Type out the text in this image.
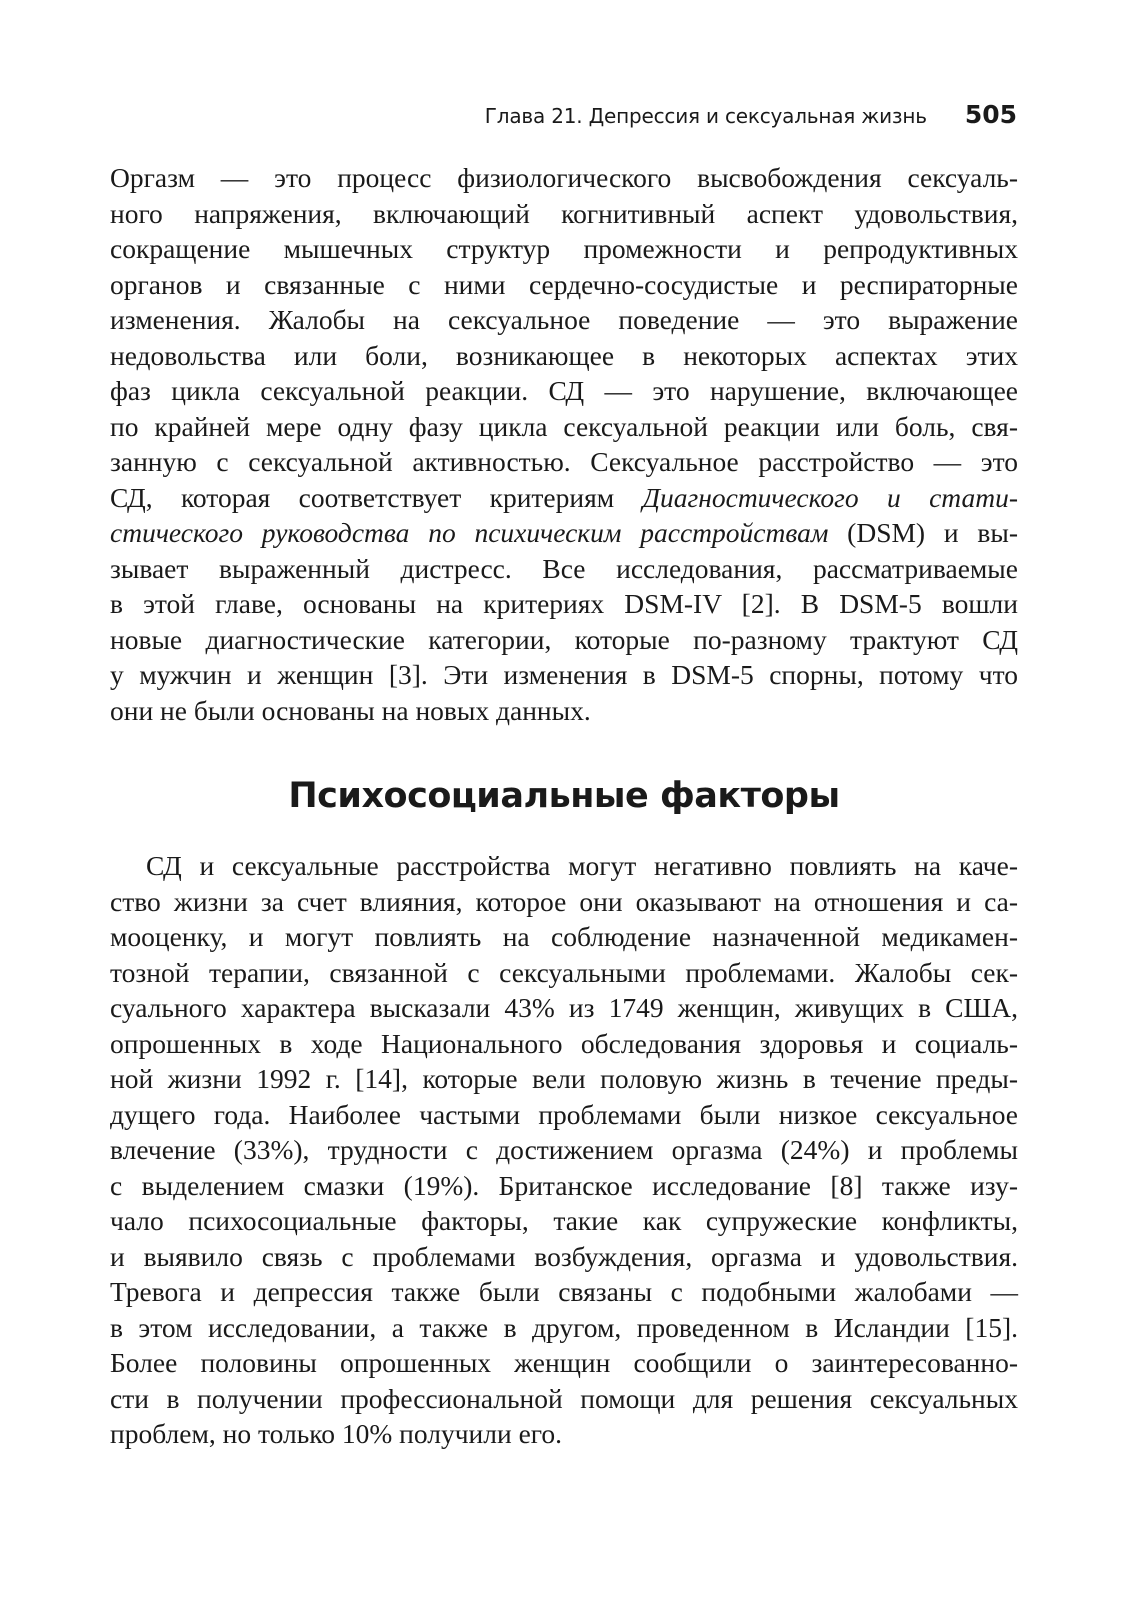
Глава 21. Депрессия и сексуальная жизнь 505
Оргазм — это процесс физиологического высвобождения сексуаль-
ного напряжения, включающий когнитивный аспект удовольствия,
сокращение мышечных структур промежности и репродуктивных
органов и связанные с ними сердечно-сосудистые и респираторные
изменения. Жалобы на сексуальное поведение — это выражение
недовольства или боли, возникающее в некоторых аспектах этих
фаз цикла сексуальной реакции. СД — это нарушение, включающее
по крайней мере одну фазу цикла сексуальной реакции или боль, свя-
занную с сексуальной активностью. Сексуальное расстройство — это
СД, которая соответствует критериям Диагностического и стати-
стического руководства по психическим расстройствам (DSM) и вы-
зывает выраженный дистресс. Все исследования, рассматриваемые
в этой главе, основаны на критериях DSM-IV [2]. В DSM-5 вошли
новые диагностические категории, которые по-разному трактуют СД
у мужчин и женщин [3]. Эти изменения в DSM-5 спорны, потому что
они не были основаны на новых данных.
Психосоциальные факторы
СД и сексуальные расстройства могут негативно повлиять на каче-
ство жизни за счет влияния, которое они оказывают на отношения и са-
мооценку, и могут повлиять на соблюдение назначенной медикамен-
тозной терапии, связанной с сексуальными проблемами. Жалобы сек-
суального характера высказали 43% из 1749 женщин, живущих в США,
опрошенных в ходе Национального обследования здоровья и социаль-
ной жизни 1992 г. [14], которые вели половую жизнь в течение преды-
дущего года. Наиболее частыми проблемами были низкое сексуальное
влечение (33%), трудности с достижением оргазма (24%) и проблемы
с выделением смазки (19%). Британское исследование [8] также изу-
чало психосоциальные факторы, такие как супружеские конфликты,
и выявило связь с проблемами возбуждения, оргазма и удовольствия.
Тревога и депрессия также были связаны с подобными жалобами —
в этом исследовании, а также в другом, проведенном в Исландии [15].
Более половины опрошенных женщин сообщили о заинтересованно-
сти в получении профессиональной помощи для решения сексуальных
проблем, но только 10% получили его.
